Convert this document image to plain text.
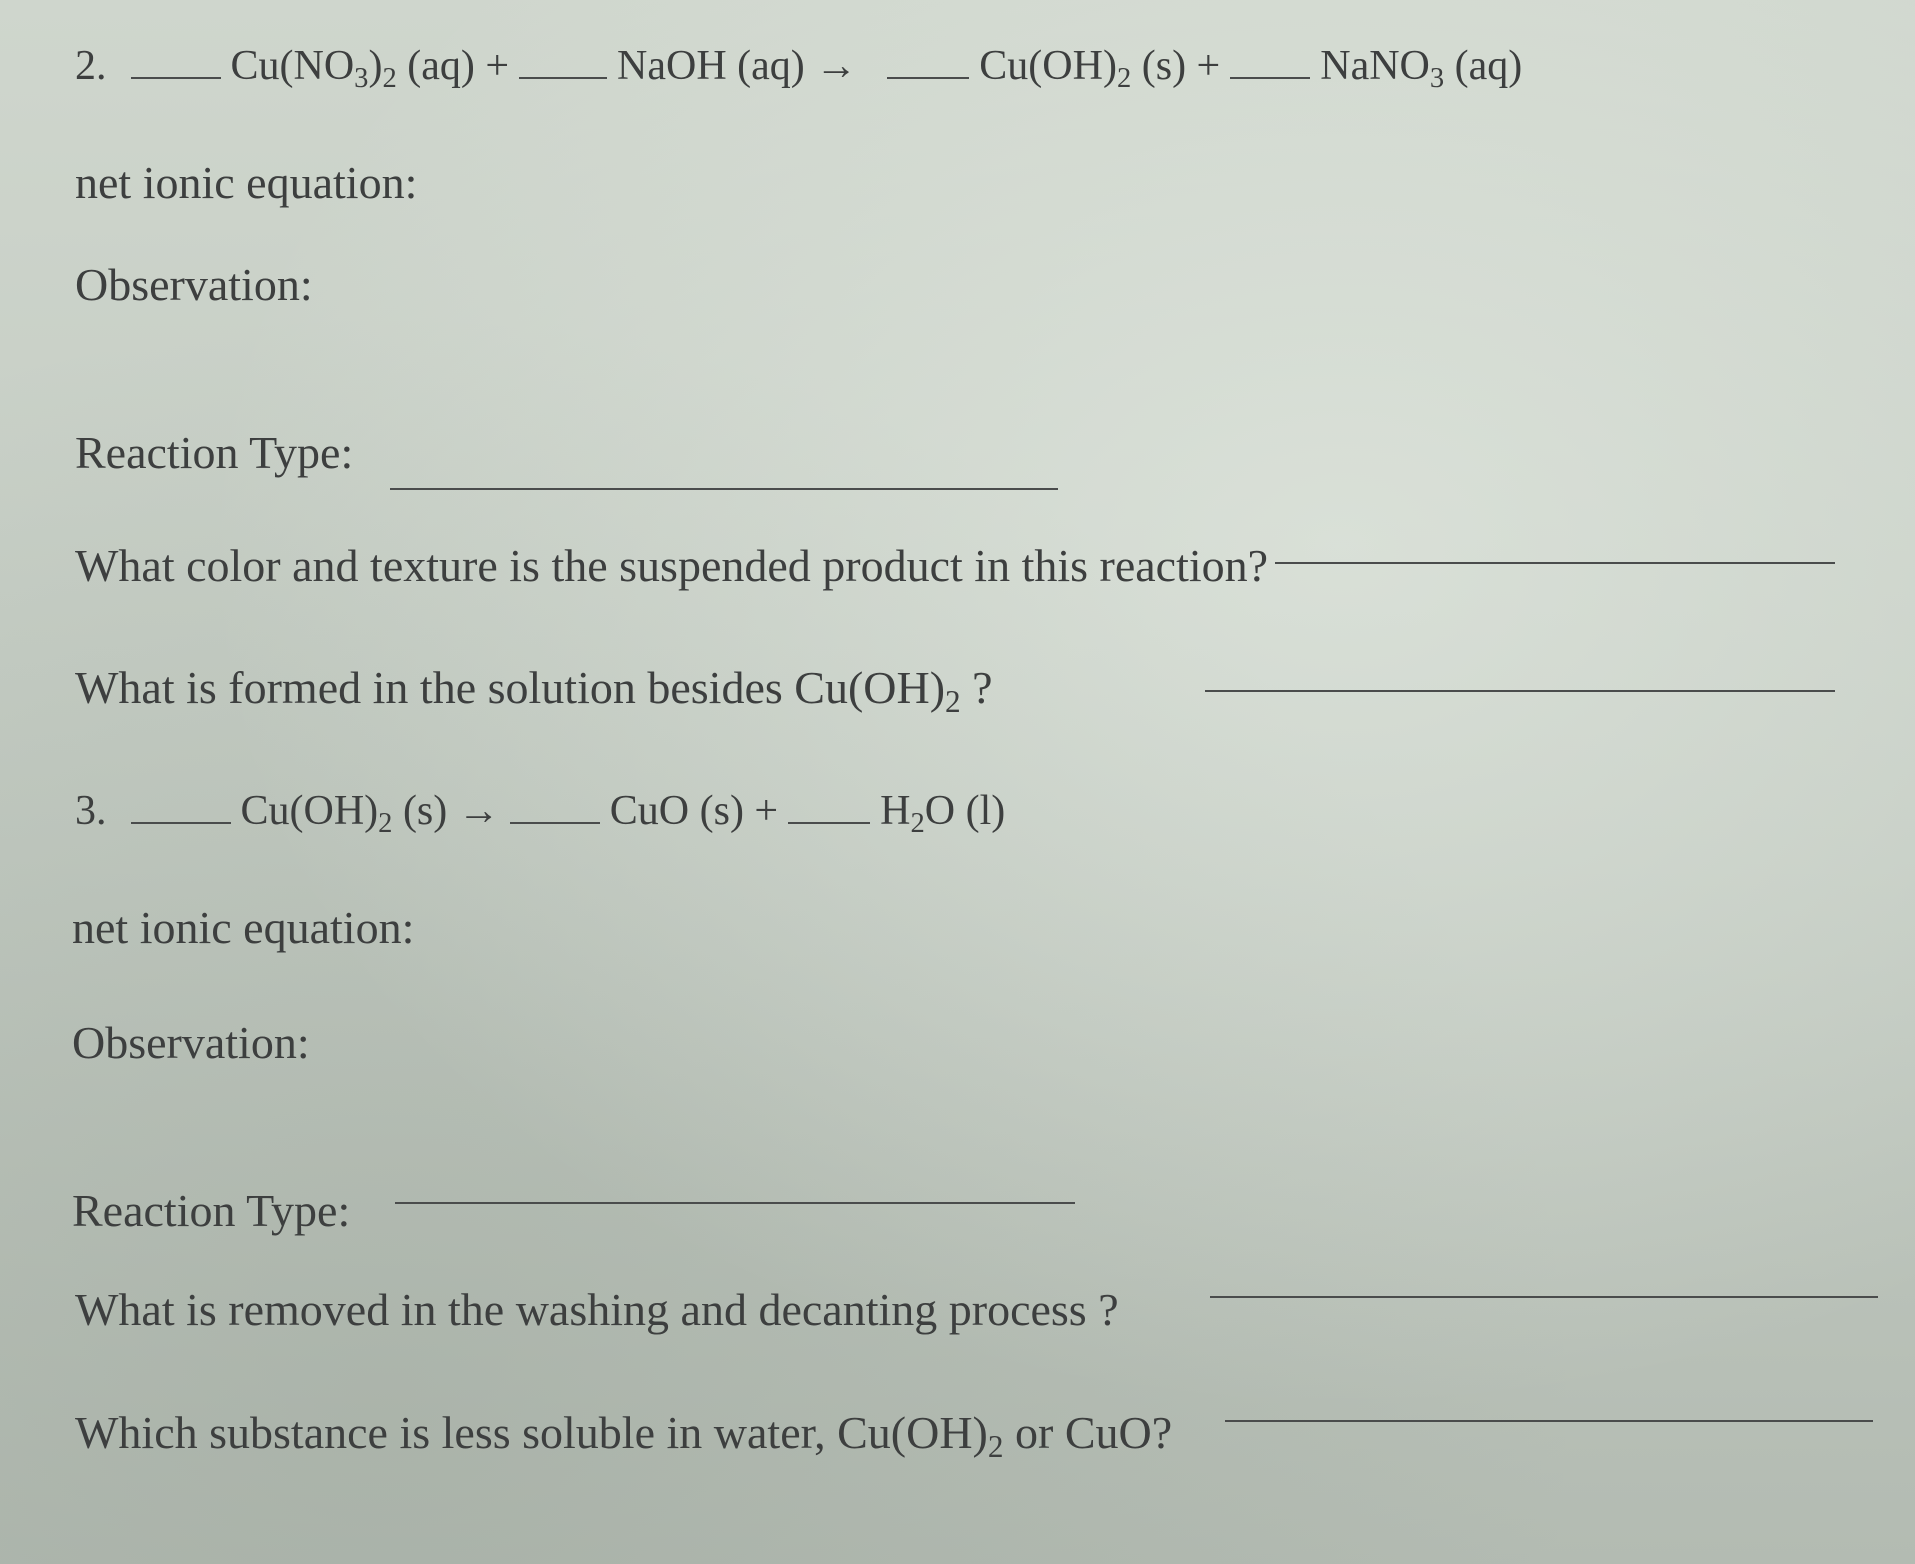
2.	$Cu(NO_3)_2$ (aq) +	NaOH (aq) →	$Cu(OH)_2$ (s) + NaNO$_3$ (aq)
net ionic equation:
Observation:
Reaction Type:
What color and texture is the suspended product in this reaction?
What is formed in the solution besides $Cu(OH)_2$ ?
3.	$Cu(OH)_2$ (s) →	CuO $(s) + H_2O$ (l)
net ionic equation:
Observation:
Reaction Type:
What is removed in the washing and decanting process ?
Which substance is less soluble in water, $Cu(OH)_2$ or CuO?
